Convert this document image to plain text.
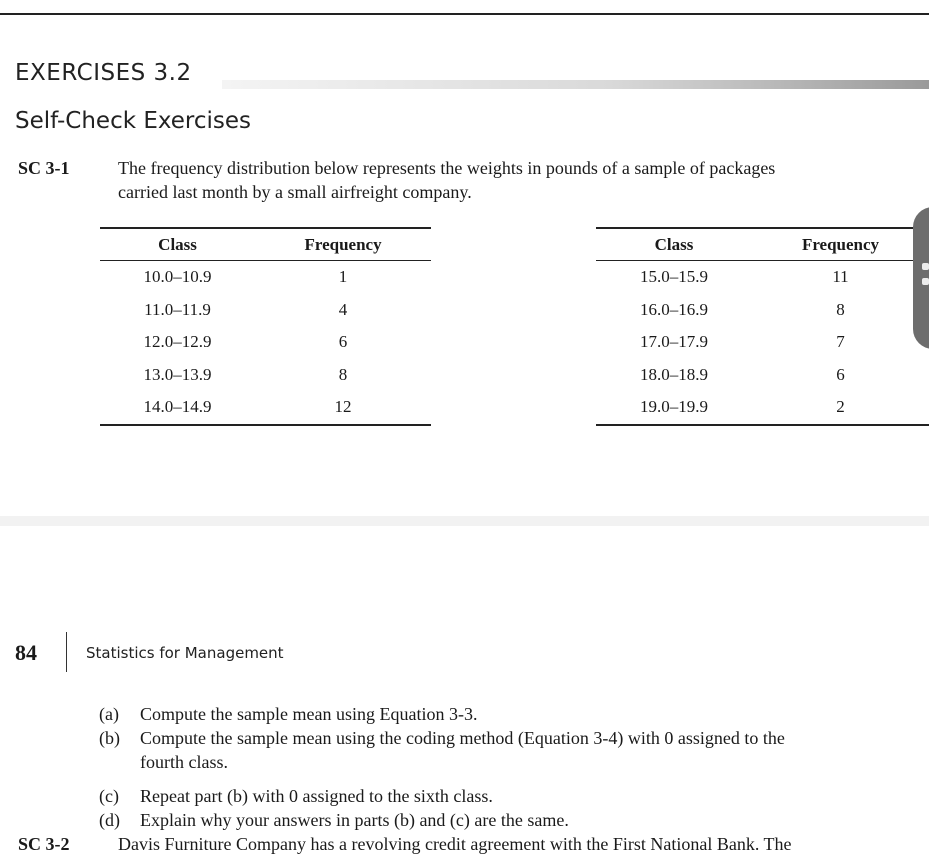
EXERCISES 3.2
Self-Check Exercises
SC 3-1	The frequency distribution below represents the weights in pounds of a sample of packages
carried last month by a small airfreight company.
Class	Frequency
10.0–10.9	1
11.0–11.9	4
12.0–12.9	6
13.0–13.9	8
14.0–14.9	12
Class	Frequency
15.0–15.9	11
16.0–16.9	8
17.0–17.9	7
18.0–18.9	6
19.0–19.9	2
84	Statistics for Management
(a) Compute the sample mean using Equation 3-3.
(b) Compute the sample mean using the coding method (Equation 3-4) with 0 assigned to the
fourth class.
(c) Repeat part (b) with 0 assigned to the sixth class.
(d) Explain why your answers in parts (b) and (c) are the same.
SC 3-2	Davis Furniture Company has a revolving credit agreement with the First National Bank. The
